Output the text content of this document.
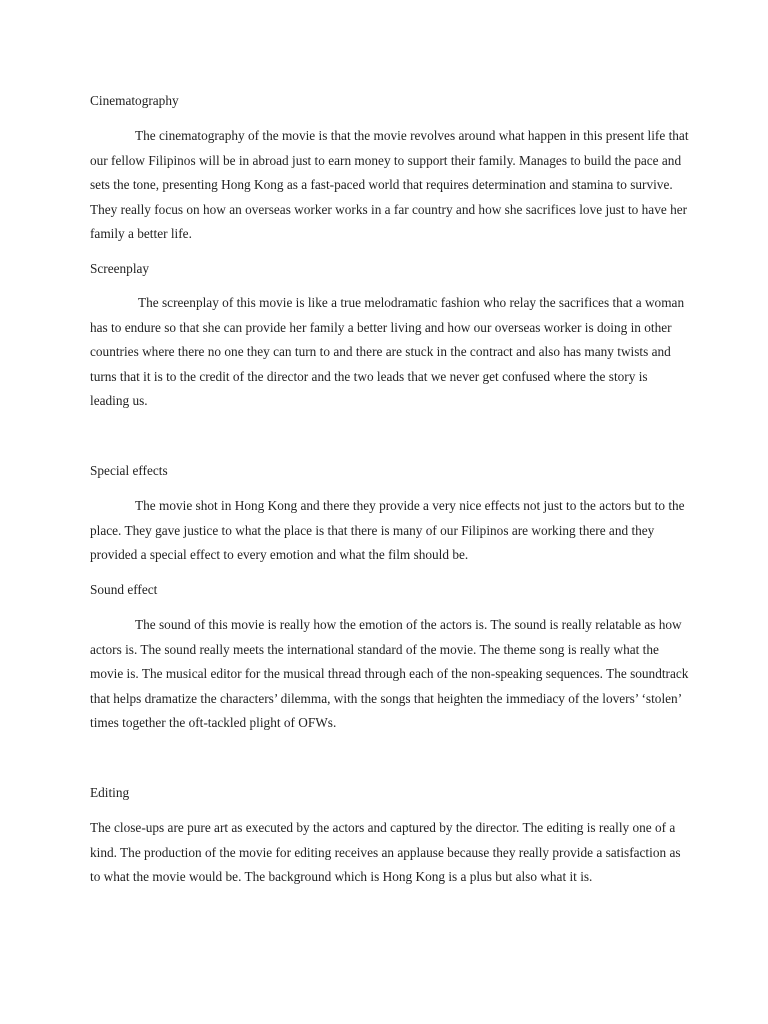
Cinematography

The cinematography of the movie is that the movie revolves around what happen in this present life that our fellow Filipinos will be in abroad just to earn money to support their family. Manages to build the pace and sets the tone, presenting Hong Kong as a fast-paced world that requires determination and stamina to survive. They really focus on how an overseas worker works in a far country and how she sacrifices love just to have her family a better life.

Screenplay

The screenplay of this movie is like a true melodramatic fashion who relay the sacrifices that a woman has to endure so that she can provide her family a better living and how our overseas worker is doing in other countries where there no one they can turn to and there are stuck in the contract and also has many twists and turns that it is to the credit of the director and the two leads that we never get confused where the story is leading us.

Special effects

The movie shot in Hong Kong and there they provide a very nice effects not just to the actors but to the place. They gave justice to what the place is that there is many of our Filipinos are working there and they provided a special effect to every emotion and what the film should be.

Sound effect

The sound of this movie is really how the emotion of the actors is. The sound is really relatable as how actors is. The sound really meets the international standard of the movie. The theme song is really what the movie is. The musical editor for the musical thread through each of the non-speaking sequences. The soundtrack that helps dramatize the characters’ dilemma, with the songs that heighten the immediacy of the lovers’ ‘stolen’ times together the oft-tackled plight of OFWs.

Editing

The close-ups are pure art as executed by the actors and captured by the director. The editing is really one of a kind. The production of the movie for editing receives an applause because they really provide a satisfaction as to what the movie would be. The background which is Hong Kong is a plus but also what it is.
